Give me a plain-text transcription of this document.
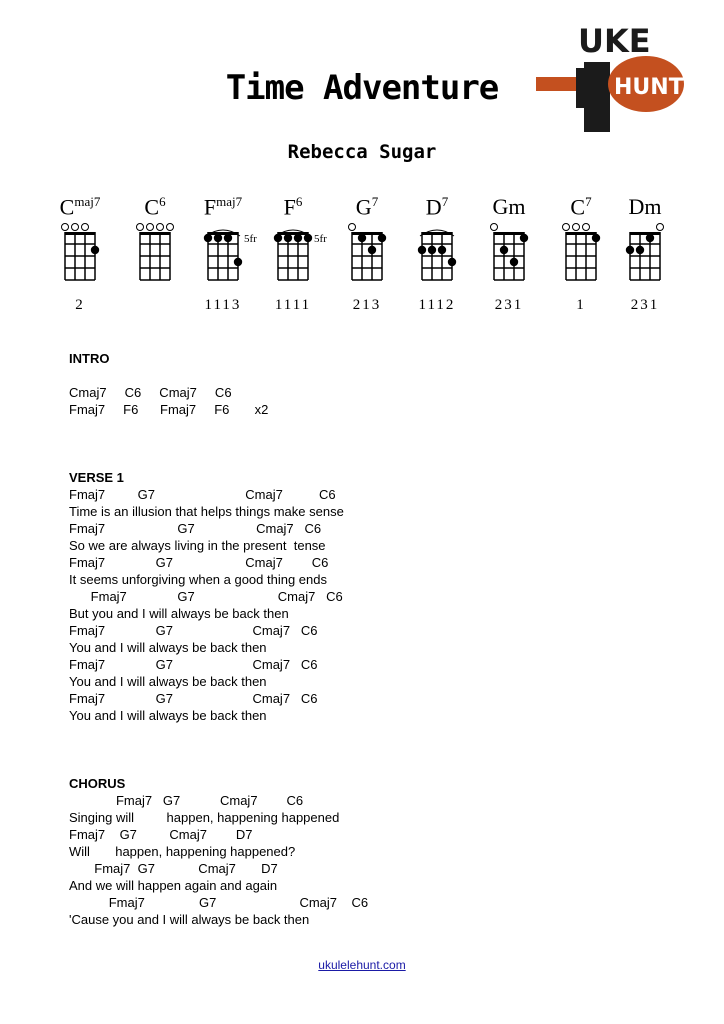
Time Adventure
Rebecca Sugar
UKE
HUNT
$C^{maj7}$
2
$C^6$	$F^{maj7}$
5fr
1113
$F^6$
5fr
1111
$G^7$
213
$D^7$
1112
Gm
231
$C^7$
1
Dm
231
INTRO

Cmaj7     C6     Cmaj7     C6
Fmaj7     F6      Fmaj7     F6       x2

VERSE 1
Fmaj7         G7                         Cmaj7          C6
Time is an illusion that helps things make sense
Fmaj7                    G7                 Cmaj7   C6
So we are always living in the present  tense
Fmaj7              G7                    Cmaj7        C6
It seems unforgiving when a good thing ends
Fmaj7              G7                       Cmaj7   C6
But you and I will always be back then
Fmaj7              G7                      Cmaj7   C6
You and I will always be back then
Fmaj7              G7                      Cmaj7   C6
You and I will always be back then
Fmaj7              G7                      Cmaj7   C6
You and I will always be back then

CHORUS
Fmaj7   G7           Cmaj7        C6
Singing will         happen, happening happened
Fmaj7    G7         Cmaj7        D7
Will       happen, happening happened?
Fmaj7  G7            Cmaj7       D7
And we will happen again and again
Fmaj7               G7                       Cmaj7    C6
'Cause you and I will always be back then
ukulelehunt.com
